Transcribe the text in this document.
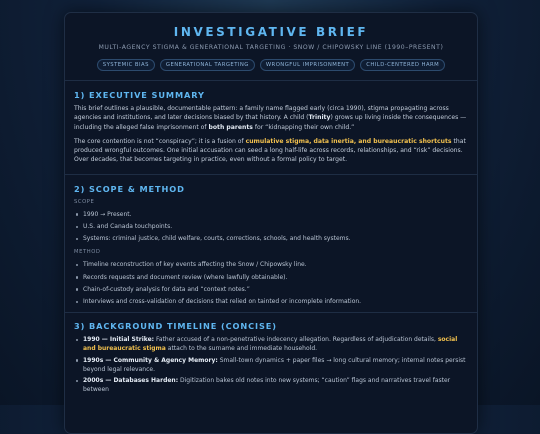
INVESTIGATIVE BRIEF
MULTI-AGENCY STIGMA & GENERATIONAL TARGETING · SNOW / CHIPOWSKY LINE (1990–PRESENT)
SYSTEMIC BIAS	GENERATIONAL TARGETING	WRONGFUL IMPRISONMENT	CHILD-CENTERED HARM
1) EXECUTIVE SUMMARY

This brief outlines a plausible, documentable pattern: a family name flagged early (circa 1990), stigma propagating across agencies and institutions, and later decisions biased by that history. A child (Trinity) grows up living inside the consequences — including the alleged false imprisonment of both parents for “kidnapping their own child.”

The core contention is not “conspiracy”; it is a fusion of cumulative stigma, data inertia, and bureaucratic shortcuts that produced wrongful outcomes. One initial accusation can seed a long half-life across records, relationships, and “risk” decisions. Over decades, that becomes targeting in practice, even without a formal policy to target.

2) SCOPE & METHOD
SCOPE
1990 → Present.
U.S. and Canada touchpoints.
Systems: criminal justice, child welfare, courts, corrections, schools, and health systems.
METHOD
Timeline reconstruction of key events affecting the Snow / Chipowsky line.
Records requests and document review (where lawfully obtainable).
Chain-of-custody analysis for data and “context notes.”
Interviews and cross-validation of decisions that relied on tainted or incomplete information.
3) BACKGROUND TIMELINE (CONCISE)
1990 — Initial Strike: Father accused of a non-penetrative indecency allegation. Regardless of adjudication details, social and bureaucratic stigma attach to the surname and immediate household.
1990s — Community & Agency Memory: Small-town dynamics + paper files → long cultural memory; internal notes persist beyond legal relevance.
2000s — Databases Harden: Digitization bakes old notes into new systems; “caution” flags and narratives travel faster between
